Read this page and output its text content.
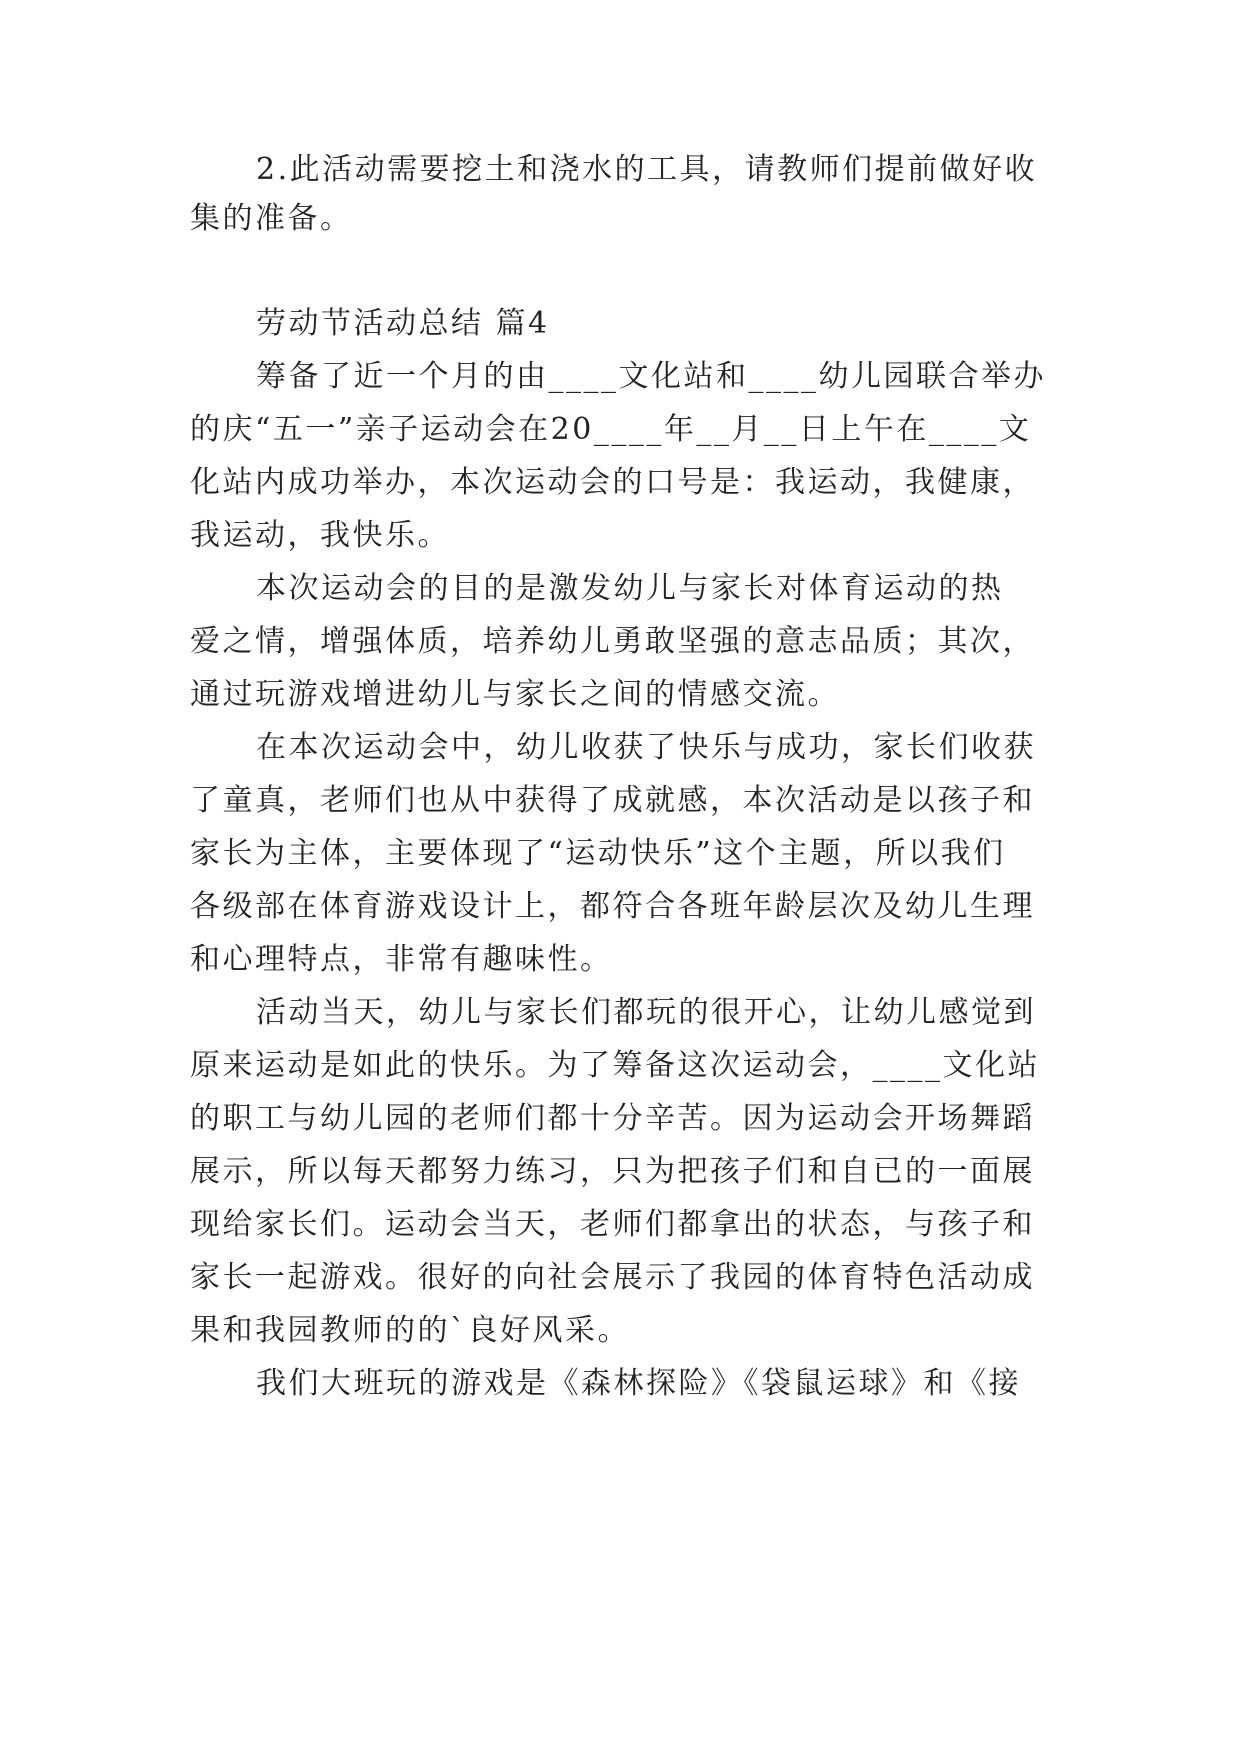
2.此活动需要挖土和浇水的工具，请教师们提前做好收
集的准备。
劳动节活动总结 篇4
筹备了近一个月的由____文化站和____幼儿园联合举办
的庆“五一”亲子运动会在20____年__月__日上午在____文
化站内成功举办，本次运动会的口号是：我运动，我健康，
我运动，我快乐。
本次运动会的目的是激发幼儿与家长对体育运动的热
爱之情，增强体质，培养幼儿勇敢坚强的意志品质；其次，
通过玩游戏增进幼儿与家长之间的情感交流。
在本次运动会中，幼儿收获了快乐与成功，家长们收获
了童真，老师们也从中获得了成就感，本次活动是以孩子和
家长为主体，主要体现了“运动快乐”这个主题，所以我们
各级部在体育游戏设计上，都符合各班年龄层次及幼儿生理
和心理特点，非常有趣味性。
活动当天，幼儿与家长们都玩的很开心，让幼儿感觉到
原来运动是如此的快乐。为了筹备这次运动会，____文化站
的职工与幼儿园的老师们都十分辛苦。因为运动会开场舞蹈
展示，所以每天都努力练习，只为把孩子们和自已的一面展
现给家长们。运动会当天，老师们都拿出的状态，与孩子和
家长一起游戏。很好的向社会展示了我园的体育特色活动成
果和我园教师的的`良好风采。
我们大班玩的游戏是《森林探险》《袋鼠运球》和《接
